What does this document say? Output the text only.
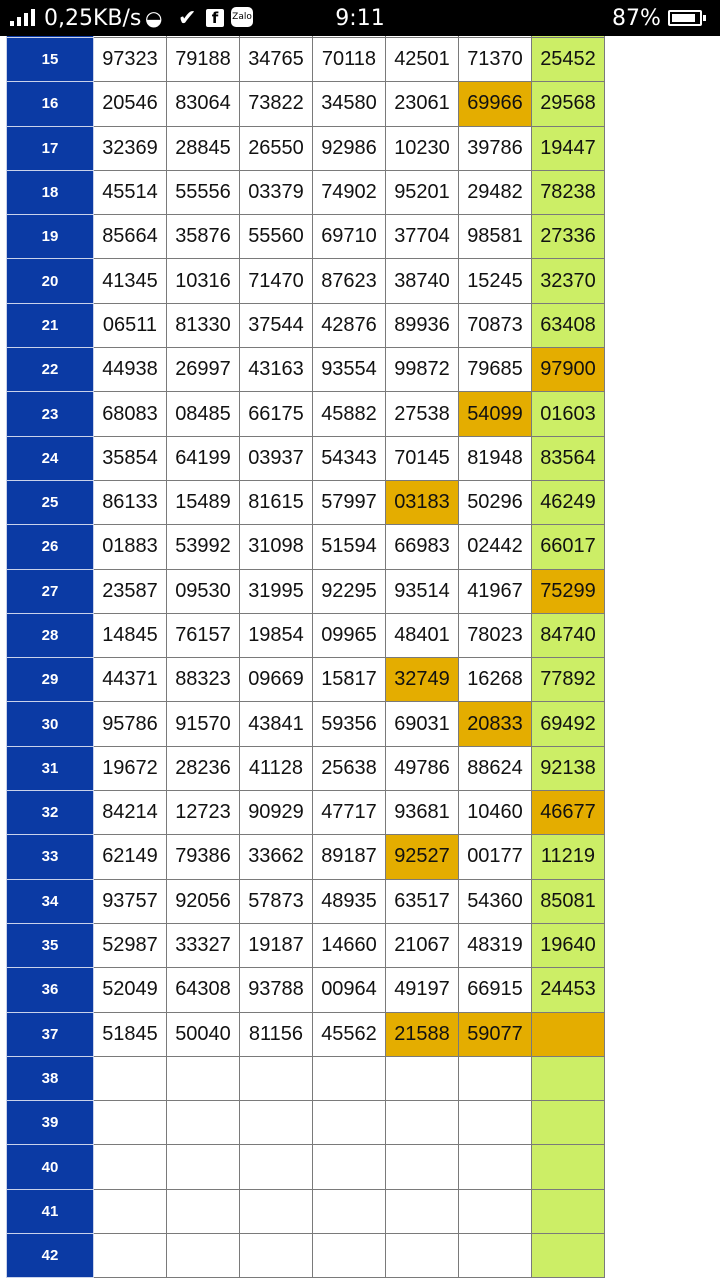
0,25KB/s ◒ ✔	f	Zalo	9:11	87%

15	97323	79188	34765	70118	42501	71370	25452
16	20546	83064	73822	34580	23061	69966	29568
17	32369	28845	26550	92986	10230	39786	19447
18	45514	55556	03379	74902	95201	29482	78238
19	85664	35876	55560	69710	37704	98581	27336
20	41345	10316	71470	87623	38740	15245	32370
21	06511	81330	37544	42876	89936	70873	63408
22	44938	26997	43163	93554	99872	79685	97900
23	68083	08485	66175	45882	27538	54099	01603
24	35854	64199	03937	54343	70145	81948	83564
25	86133	15489	81615	57997	03183	50296	46249
26	01883	53992	31098	51594	66983	02442	66017
27	23587	09530	31995	92295	93514	41967	75299
28	14845	76157	19854	09965	48401	78023	84740
29	44371	88323	09669	15817	32749	16268	77892
30	95786	91570	43841	59356	69031	20833	69492
31	19672	28236	41128	25638	49786	88624	92138
32	84214	12723	90929	47717	93681	10460	46677
33	62149	79386	33662	89187	92527	00177	11219
34	93757	92056	57873	48935	63517	54360	85081
35	52987	33327	19187	14660	21067	48319	19640
36	52049	64308	93788	00964	49197	66915	24453
37	51845	50040	81156	45562	21588	59077	
38							
39							
40							
41							
42							
